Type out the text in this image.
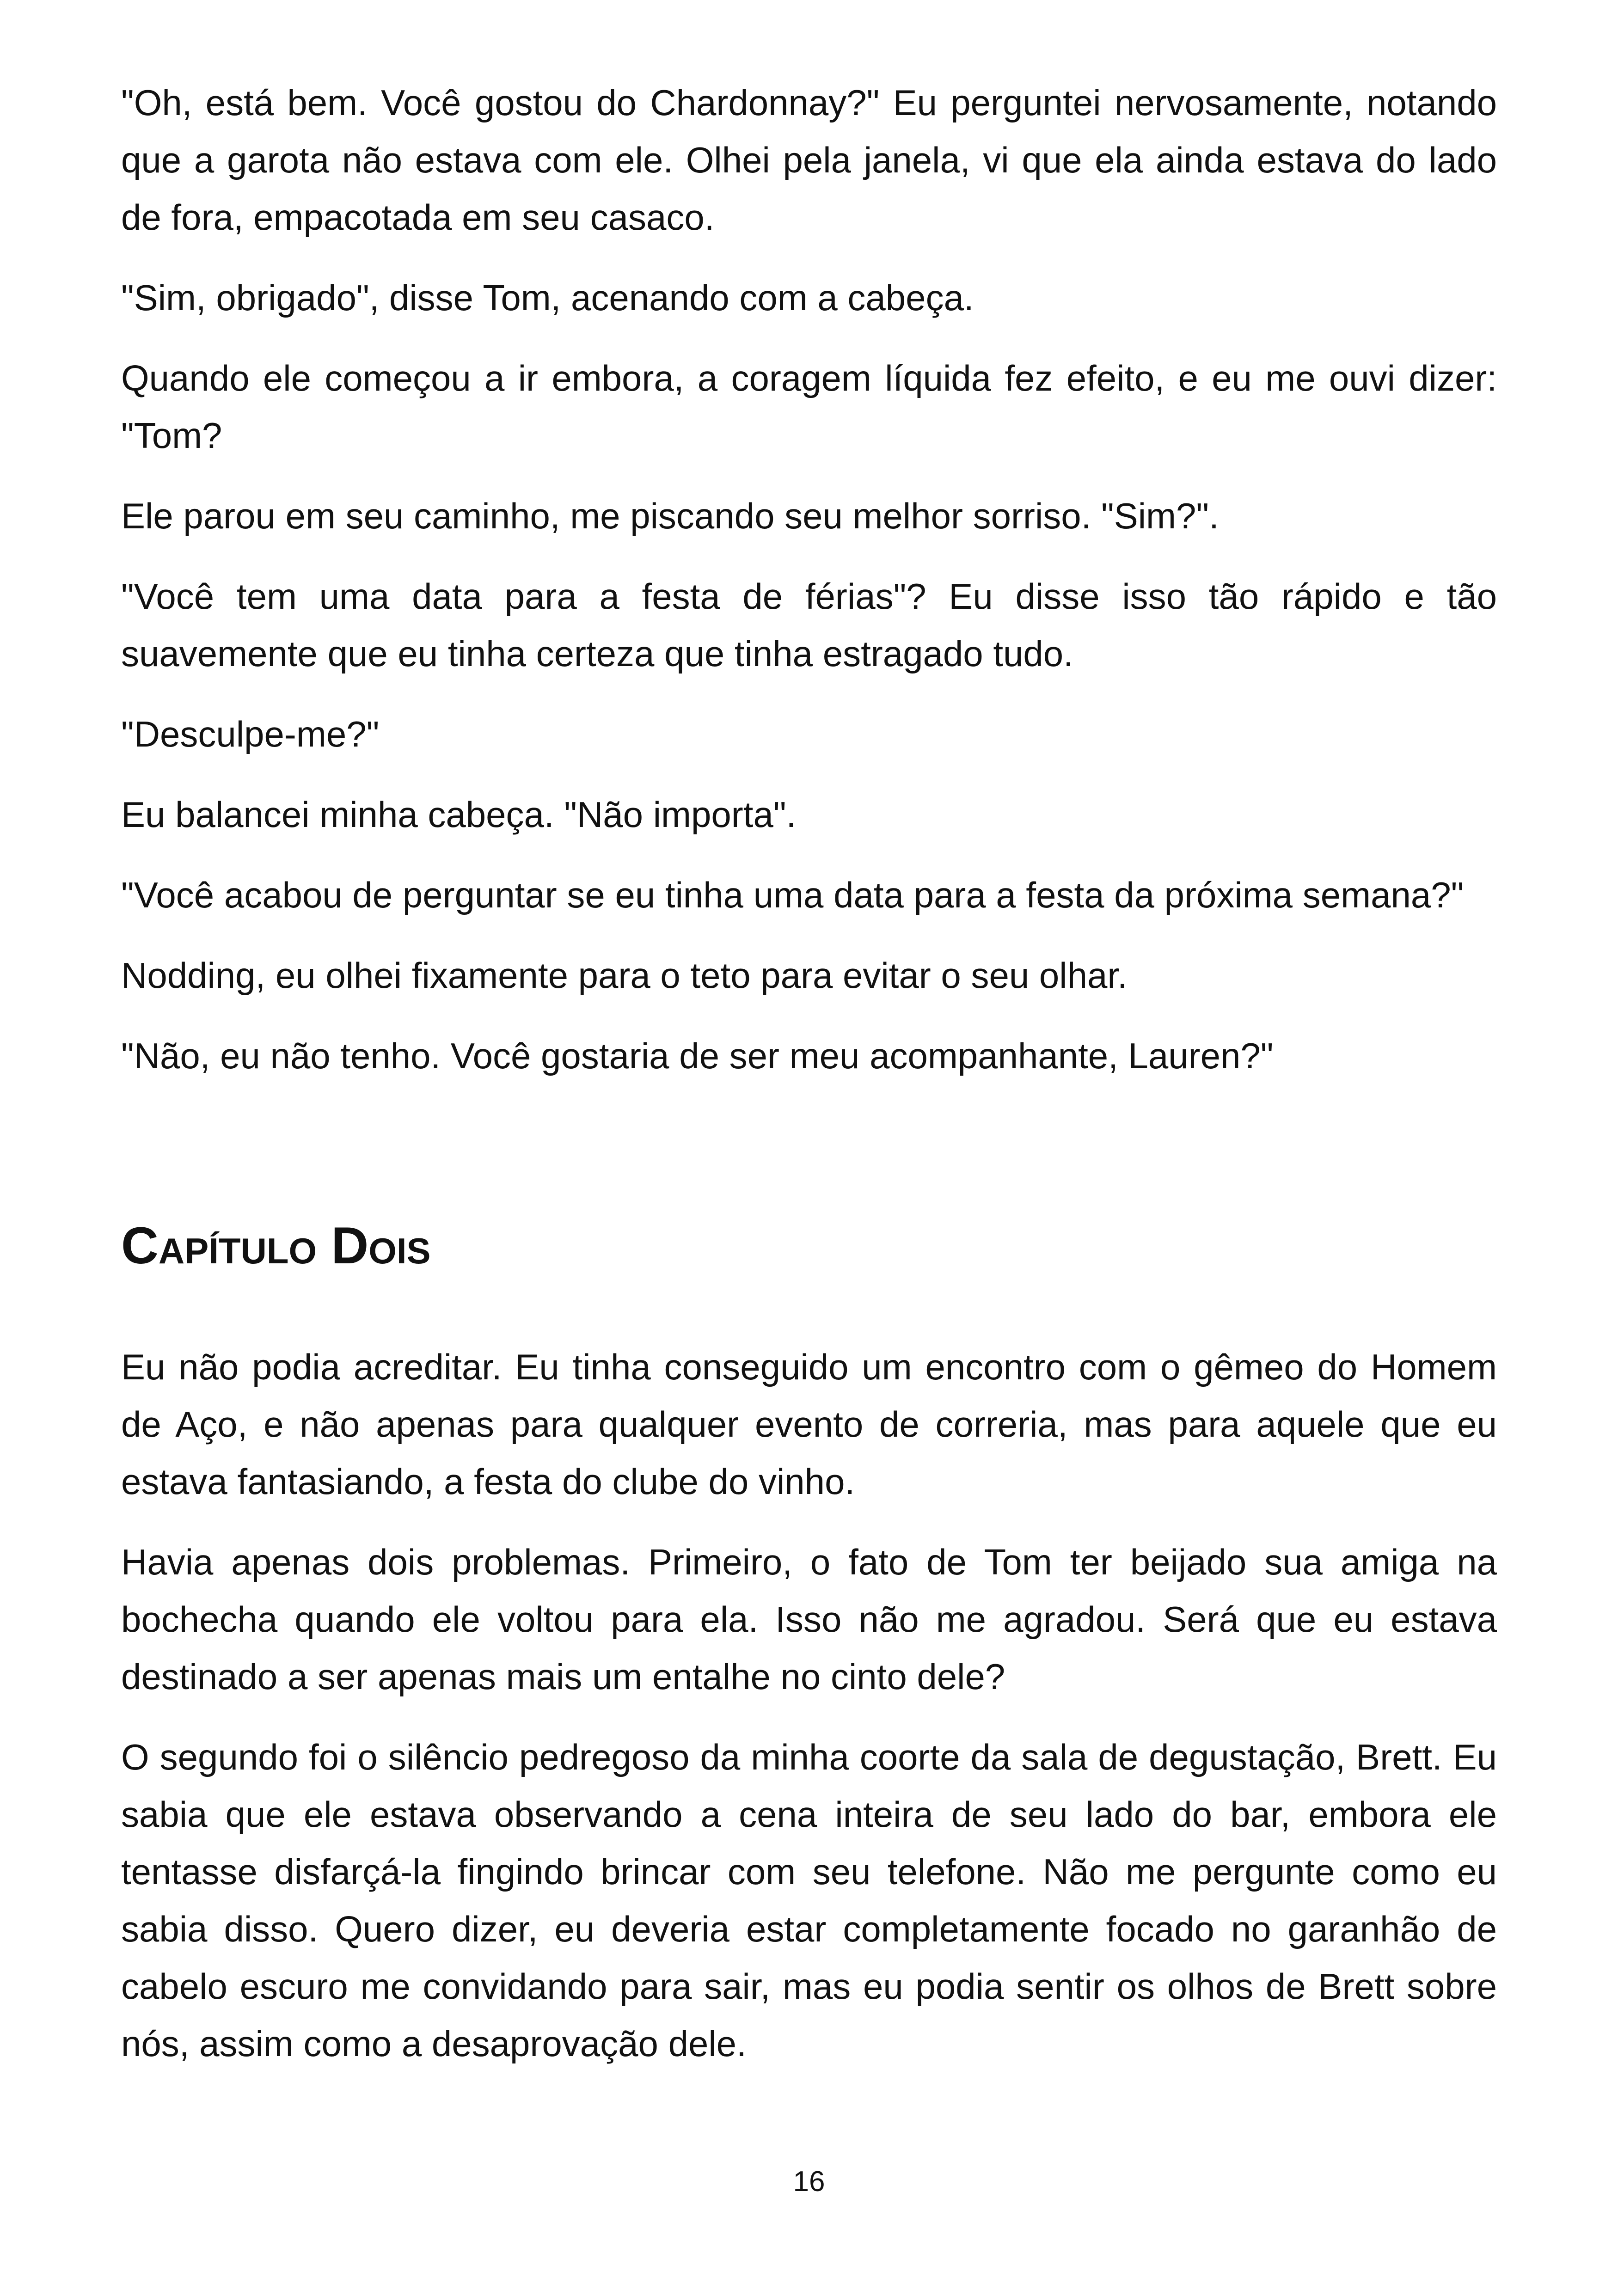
"Oh, está bem. Você gostou do Chardonnay?" Eu perguntei nervosamente, notando que a garota não estava com ele. Olhei pela janela, vi que ela ainda estava do lado de fora, empacotada em seu casaco.

"Sim, obrigado", disse Tom, acenando com a cabeça.

Quando ele começou a ir embora, a coragem líquida fez efeito, e eu me ouvi dizer: "Tom?

Ele parou em seu caminho, me piscando seu melhor sorriso. "Sim?".

"Você tem uma data para a festa de férias"? Eu disse isso tão rápido e tão suavemente que eu tinha certeza que tinha estragado tudo.

"Desculpe-me?"

Eu balancei minha cabeça. "Não importa".

"Você acabou de perguntar se eu tinha uma data para a festa da próxima semana?"

Nodding, eu olhei fixamente para o teto para evitar o seu olhar.

"Não, eu não tenho. Você gostaria de ser meu acompanhante, Lauren?"

Capítulo Dois

Eu não podia acreditar. Eu tinha conseguido um encontro com o gêmeo do Homem de Aço, e não apenas para qualquer evento de correria, mas para aquele que eu estava fantasiando, a festa do clube do vinho.

Havia apenas dois problemas. Primeiro, o fato de Tom ter beijado sua amiga na bochecha quando ele voltou para ela. Isso não me agradou. Será que eu estava destinado a ser apenas mais um entalhe no cinto dele?

O segundo foi o silêncio pedregoso da minha coorte da sala de degustação, Brett. Eu sabia que ele estava observando a cena inteira de seu lado do bar, embora ele tentasse disfarçá-la fingindo brincar com seu telefone. Não me pergunte como eu sabia disso. Quero dizer, eu deveria estar completamente focado no garanhão de cabelo escuro me convidando para sair, mas eu podia sentir os olhos de Brett sobre nós, assim como a desaprovação dele.

16
